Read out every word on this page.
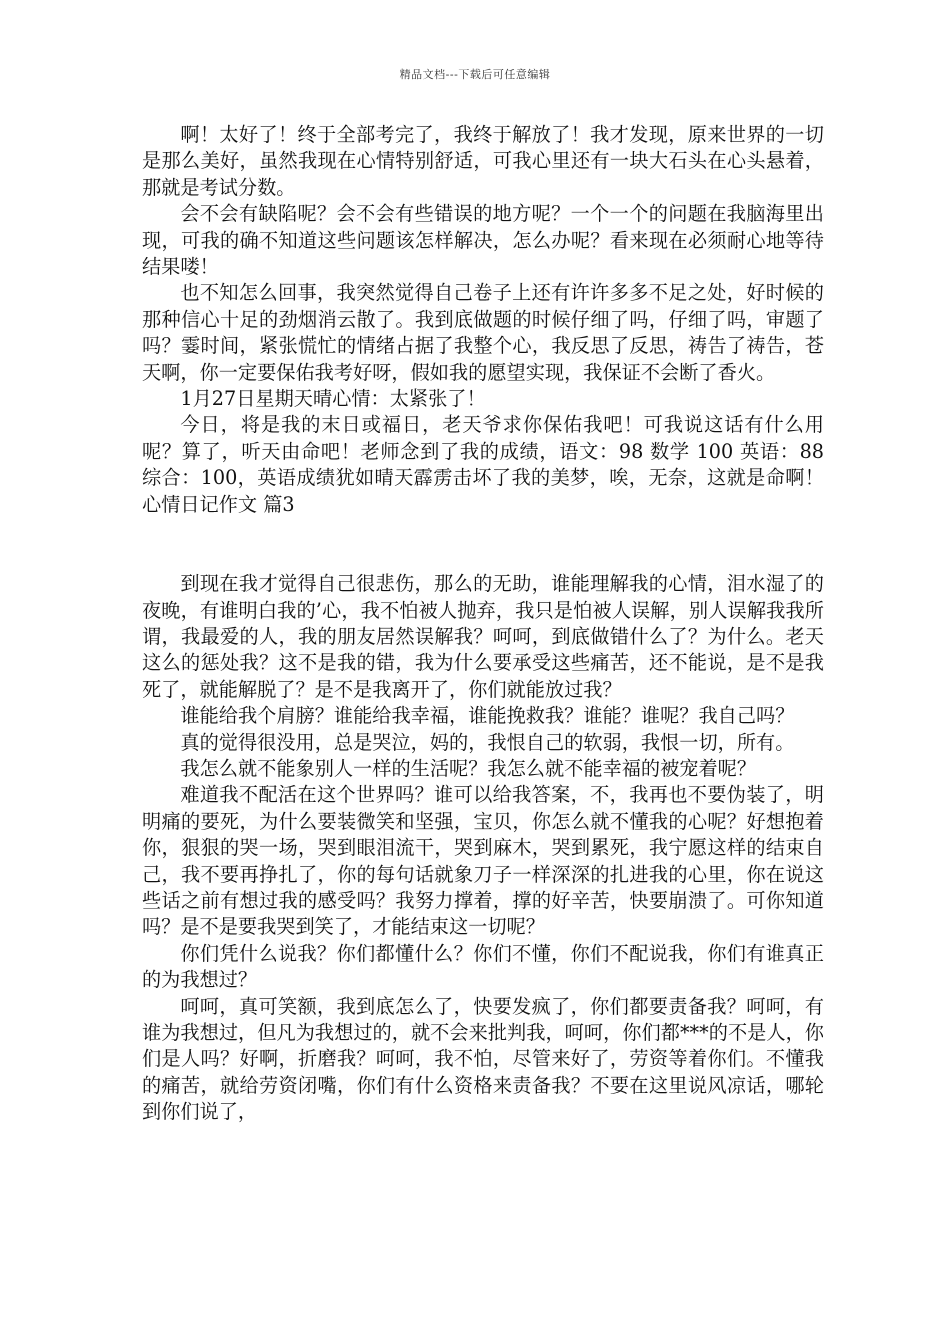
精品文档---下载后可任意编辑

啊！太好了！终于全部考完了，我终于解放了！我才发现，原来世界的一切是那么美好，虽然我现在心情特别舒适，可我心里还有一块大石头在心头悬着，那就是考试分数。

会不会有缺陷呢？会不会有些错误的地方呢？一个一个的问题在我脑海里出现，可我的确不知道这些问题该怎样解决，怎么办呢？看来现在必须耐心地等待结果喽！

也不知怎么回事，我突然觉得自己卷子上还有许许多多不足之处，好时候的那种信心十足的劲烟消云散了。我到底做题的时候仔细了吗，仔细了吗，审题了吗？霎时间，紧张慌忙的情绪占据了我整个心，我反思了反思，祷告了祷告，苍天啊，你一定要保佑我考好呀，假如我的愿望实现，我保证不会断了香火。

1月27日星期天晴心情：太紧张了！

今日，将是我的末日或福日，老天爷求你保佑我吧！可我说这话有什么用呢？算了，听天由命吧！老师念到了我的成绩，语文：98 数学 100 英语：88 综合：100，英语成绩犹如晴天霹雳击坏了我的美梦，唉，无奈，这就是命啊！心情日记作文 篇3

到现在我才觉得自己很悲伤，那么的无助，谁能理解我的心情，泪水湿了的夜晚，有谁明白我的’心，我不怕被人抛弃，我只是怕被人误解，别人误解我我所谓，我最爱的人，我的朋友居然误解我？呵呵，到底做错什么了？为什么。老天这么的惩处我？这不是我的错，我为什么要承受这些痛苦，还不能说，是不是我死了，就能解脱了？是不是我离开了，你们就能放过我？

谁能给我个肩膀？谁能给我幸福，谁能挽救我？谁能？谁呢？我自己吗？

真的觉得很没用，总是哭泣，妈的，我恨自己的软弱，我恨一切，所有。

我怎么就不能象别人一样的生活呢？我怎么就不能幸福的被宠着呢？

难道我不配活在这个世界吗？谁可以给我答案，不，我再也不要伪装了，明明痛的要死，为什么要装微笑和坚强，宝贝，你怎么就不懂我的心呢？好想抱着你，狠狠的哭一场，哭到眼泪流干，哭到麻木，哭到累死，我宁愿这样的结束自己，我不要再挣扎了，你的每句话就象刀子一样深深的扎进我的心里，你在说这些话之前有想过我的感受吗？我努力撑着，撑的好辛苦，快要崩溃了。可你知道吗？是不是要我哭到笑了，才能结束这一切呢？

你们凭什么说我？你们都懂什么？你们不懂，你们不配说我，你们有谁真正的为我想过？

呵呵，真可笑额，我到底怎么了，快要发疯了，你们都要责备我？呵呵，有谁为我想过，但凡为我想过的，就不会来批判我，呵呵，你们都***的不是人，你们是人吗？好啊，折磨我？呵呵，我不怕，尽管来好了，劳资等着你们。不懂我的痛苦，就给劳资闭嘴，你们有什么资格来责备我？不要在这里说风凉话，哪轮到你们说了，
